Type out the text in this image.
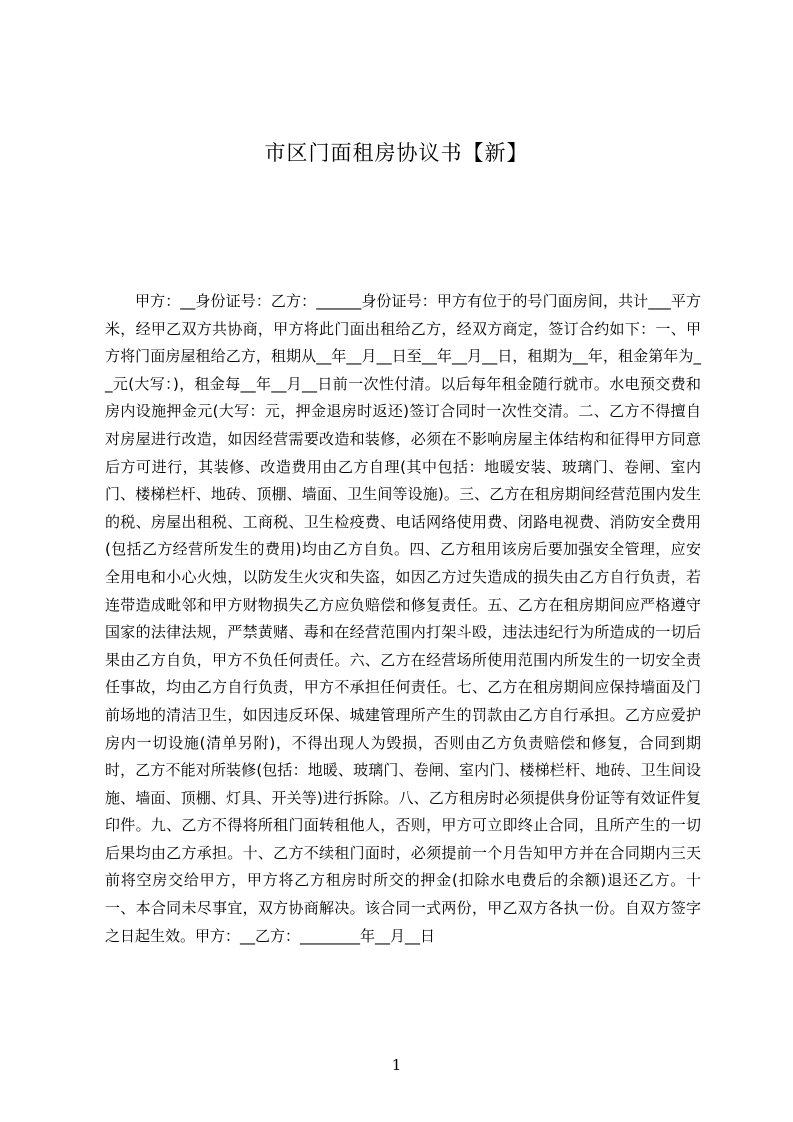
市区门面租房协议书【新】

甲方：__身份证号：乙方：______身份证号：甲方有位于的号门面房间，共计___平方米，经甲乙双方共协商，甲方将此门面出租给乙方，经双方商定，签订合约如下：一、甲方将门面房屋租给乙方，租期从__年__月__日至__年__月__日，租期为__年，租金第年为__元(大写：)，租金每__年__月__日前一次性付清。以后每年租金随行就市。水电预交费和房内设施押金元(大写：元，押金退房时返还)签订合同时一次性交清。二、乙方不得擅自对房屋进行改造，如因经营需要改造和装修，必须在不影响房屋主体结构和征得甲方同意后方可进行，其装修、改造费用由乙方自理(其中包括：地暖安装、玻璃门、卷闸、室内门、楼梯栏杆、地砖、顶棚、墙面、卫生间等设施)。三、乙方在租房期间经营范围内发生的税、房屋出租税、工商税、卫生检疫费、电话网络使用费、闭路电视费、消防安全费用(包括乙方经营所发生的费用)均由乙方自负。四、乙方租用该房后要加强安全管理，应安全用电和小心火烛，以防发生火灾和失盗，如因乙方过失造成的损失由乙方自行负责，若连带造成毗邻和甲方财物损失乙方应负赔偿和修复责任。五、乙方在租房期间应严格遵守国家的法律法规，严禁黄赌、毒和在经营范围内打架斗殴，违法违纪行为所造成的一切后果由乙方自负，甲方不负任何责任。六、乙方在经营场所使用范围内所发生的一切安全责任事故，均由乙方自行负责，甲方不承担任何责任。七、乙方在租房期间应保持墙面及门前场地的清洁卫生，如因违反环保、城建管理所产生的罚款由乙方自行承担。乙方应爱护房内一切设施(清单另附)，不得出现人为毁损，否则由乙方负责赔偿和修复，合同到期时，乙方不能对所装修(包括：地暖、玻璃门、卷闸、室内门、楼梯栏杆、地砖、卫生间设施、墙面、顶棚、灯具、开关等)进行拆除。八、乙方租房时必须提供身份证等有效证件复印件。九、乙方不得将所租门面转租他人，否则，甲方可立即终止合同，且所产生的一切后果均由乙方承担。十、乙方不续租门面时，必须提前一个月告知甲方并在合同期内三天前将空房交给甲方，甲方将乙方租房时所交的押金(扣除水电费后的余额)退还乙方。十一、本合同未尽事宜，双方协商解决。该合同一式两份，甲乙双方各执一份。自双方签字之日起生效。甲方：__乙方：________年__月__日

1
